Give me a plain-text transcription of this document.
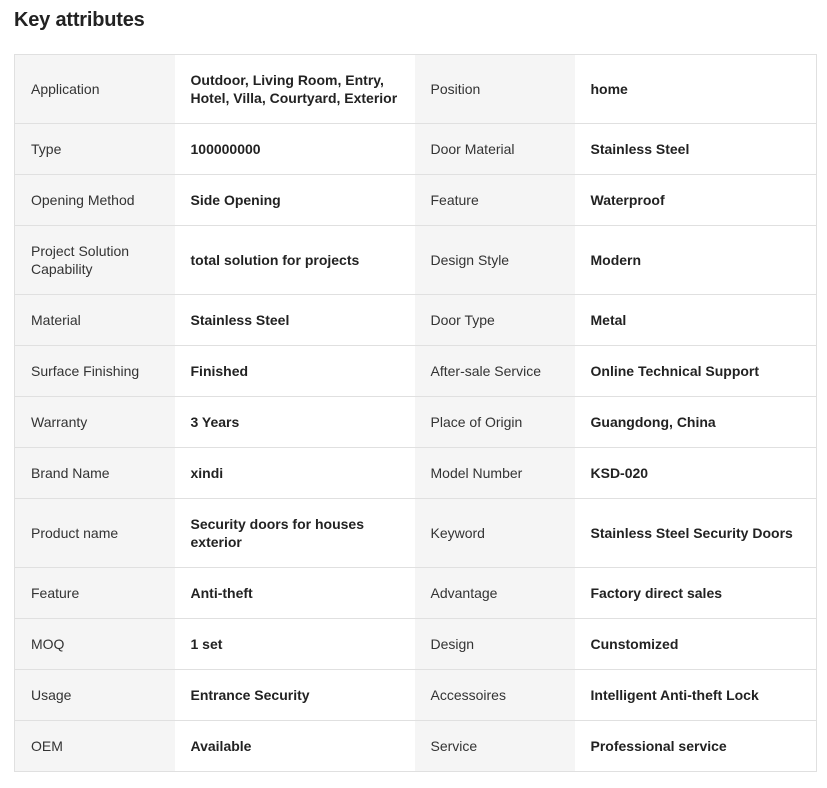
Key attributes
Application	Outdoor, Living Room, Entry, Hotel, Villa, Courtyard, Exterior	Position	home
Type	100000000	Door Material	Stainless Steel
Opening Method	Side Opening	Feature	Waterproof
Project Solution Capability	total solution for projects	Design Style	Modern
Material	Stainless Steel	Door Type	Metal
Surface Finishing	Finished	After-sale Service	Online Technical Support
Warranty	3 Years	Place of Origin	Guangdong, China
Brand Name	xindi	Model Number	KSD-020
Product name	Security doors for houses exterior	Keyword	Stainless Steel Security Doors
Feature	Anti-theft	Advantage	Factory direct sales
MOQ	1 set	Design	Cunstomized
Usage	Entrance Security	Accessoires	Intelligent Anti-theft Lock
OEM	Available	Service	Professional service
